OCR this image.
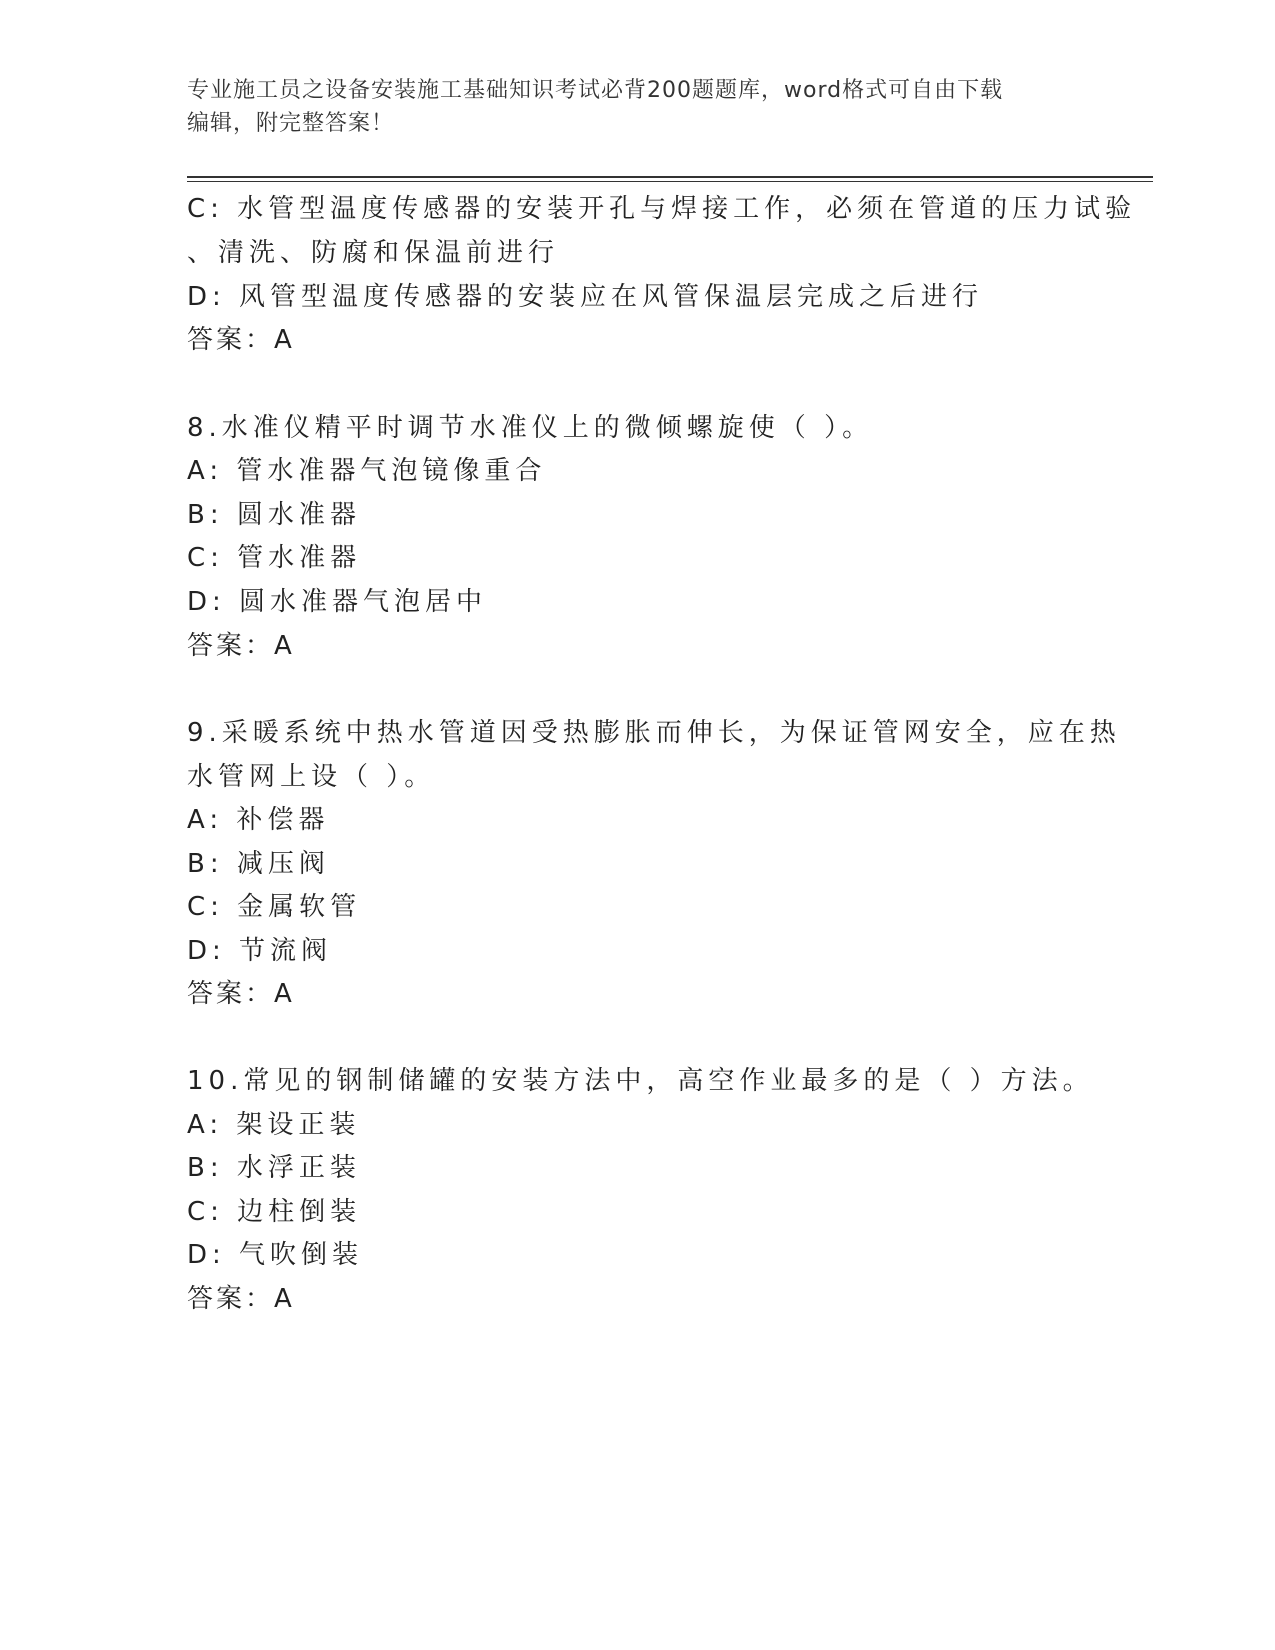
专业施工员之设备安装施工基础知识考试必背200题题库，word格式可自由下载
编辑，附完整答案！
C: 水管型温度传感器的安装开孔与焊接工作，必须在管道的压力试验
、清洗、防腐和保温前进行
D: 风管型温度传感器的安装应在风管保温层完成之后进行
答案：A
8.水准仪精平时调节水准仪上的微倾螺旋使（ ）。
A: 管水准器气泡镜像重合
B: 圆水准器
C: 管水准器
D: 圆水准器气泡居中
答案：A
9.采暖系统中热水管道因受热膨胀而伸长，为保证管网安全，应在热
水管网上设（ ）。
A: 补偿器
B: 减压阀
C: 金属软管
D: 节流阀
答案：A
10.常见的钢制储罐的安装方法中，高空作业最多的是（ ）方法。
A: 架设正装
B: 水浮正装
C: 边柱倒装
D: 气吹倒装
答案：A
